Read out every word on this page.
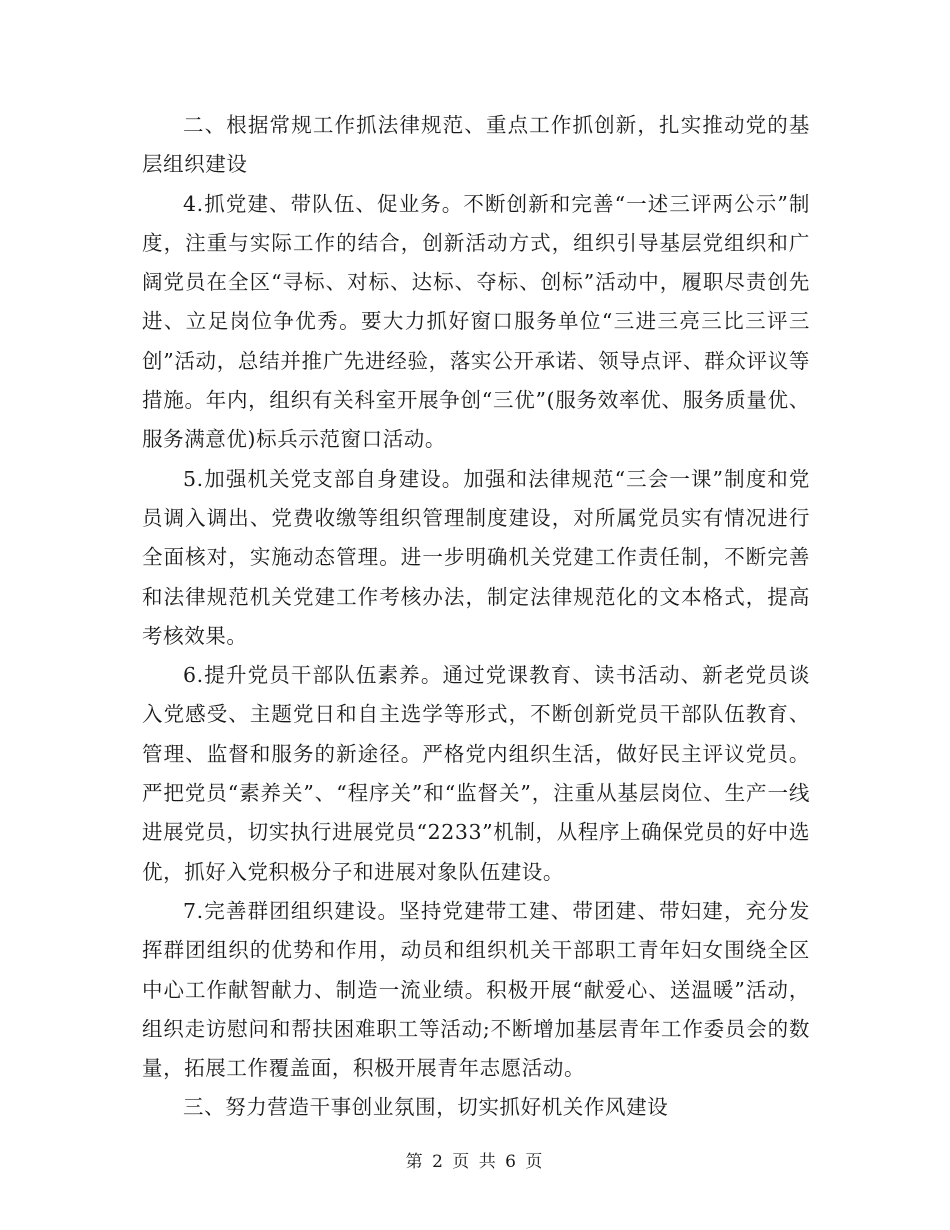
二、根据常规工作抓法律规范、重点工作抓创新，扎实推动党的基层组织建设

4.抓党建、带队伍、促业务。不断创新和完善“一述三评两公示”制度，注重与实际工作的结合，创新活动方式，组织引导基层党组织和广阔党员在全区“寻标、对标、达标、夺标、创标”活动中，履职尽责创先进、立足岗位争优秀。要大力抓好窗口服务单位“三进三亮三比三评三创”活动，总结并推广先进经验，落实公开承诺、领导点评、群众评议等措施。年内，组织有关科室开展争创“三优”(服务效率优、服务质量优、服务满意优)标兵示范窗口活动。

5.加强机关党支部自身建设。加强和法律规范“三会一课”制度和党员调入调出、党费收缴等组织管理制度建设，对所属党员实有情况进行全面核对，实施动态管理。进一步明确机关党建工作责任制，不断完善和法律规范机关党建工作考核办法，制定法律规范化的文本格式，提高考核效果。

6.提升党员干部队伍素养。通过党课教育、读书活动、新老党员谈入党感受、主题党日和自主选学等形式，不断创新党员干部队伍教育、管理、监督和服务的新途径。严格党内组织生活，做好民主评议党员。严把党员“素养关”、“程序关”和“监督关”，注重从基层岗位、生产一线进展党员，切实执行进展党员“2233”机制，从程序上确保党员的好中选优，抓好入党积极分子和进展对象队伍建设。

7.完善群团组织建设。坚持党建带工建、带团建、带妇建，充分发挥群团组织的优势和作用，动员和组织机关干部职工青年妇女围绕全区中心工作献智献力、制造一流业绩。积极开展“献爱心、送温暖”活动，组织走访慰问和帮扶困难职工等活动;不断增加基层青年工作委员会的数量，拓展工作覆盖面，积极开展青年志愿活动。

三、努力营造干事创业氛围，切实抓好机关作风建设

第 2 页 共 6 页
